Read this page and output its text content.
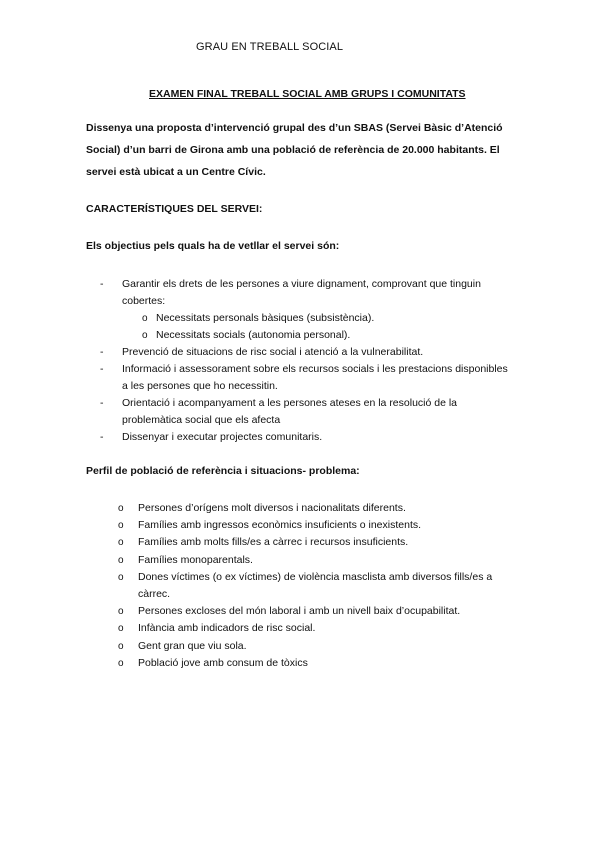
GRAU EN TREBALL SOCIAL
EXAMEN FINAL TREBALL SOCIAL AMB GRUPS I COMUNITATS
Dissenya una proposta d’intervenció grupal des d’un SBAS (Servei Bàsic d’Atenció Social) d’un barri de Girona amb una població de referència de 20.000 habitants. El servei està ubicat a un Centre Cívic.
CARACTERÍSTIQUES DEL SERVEI:
Els objectius pels quals ha de vetllar el servei són:
- Garantir els drets de les persones a viure dignament, comprovant que tinguin cobertes:
o Necessitats personals bàsiques (subsistència).
o Necessitats socials (autonomia personal).
- Prevenció de situacions de risc social i atenció a la vulnerabilitat.
- Informació i assessorament sobre els recursos socials i les prestacions disponibles a les persones que ho necessitin.
- Orientació i acompanyament a les persones ateses en la resolució de la problemàtica social que els afecta
- Dissenyar i executar projectes comunitaris.
Perfil de població de referència i situacions- problema:
o Persones d’orígens molt diversos i nacionalitats diferents.
o Famílies amb ingressos econòmics insuficients o inexistents.
o Famílies amb molts fills/es a càrrec i recursos insuficients.
o Famílies monoparentals.
o Dones víctimes (o ex víctimes) de violència masclista amb diversos fills/es a càrrec.
o Persones excloses del món laboral i amb un nivell baix d’ocupabilitat.
o Infància amb indicadors de risc social.
o Gent gran que viu sola.
o Població jove amb consum de tòxics
